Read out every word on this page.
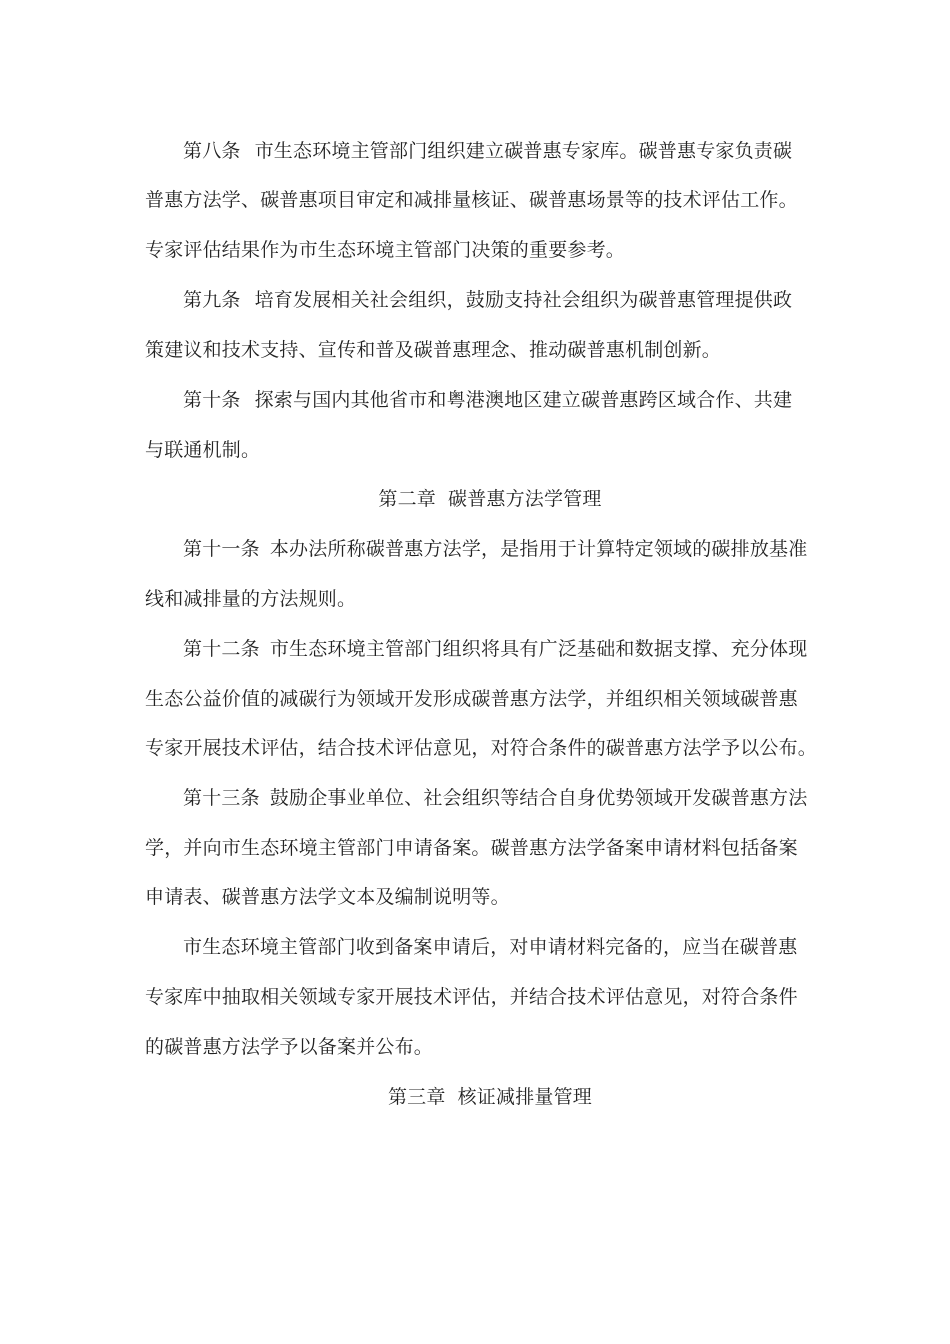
第八条 市生态环境主管部门组织建立碳普惠专家库。碳普惠专家负责碳
普惠方法学、碳普惠项目审定和减排量核证、碳普惠场景等的技术评估工作。
专家评估结果作为市生态环境主管部门决策的重要参考。
第九条 培育发展相关社会组织，鼓励支持社会组织为碳普惠管理提供政
策建议和技术支持、宣传和普及碳普惠理念、推动碳普惠机制创新。
第十条 探索与国内其他省市和粤港澳地区建立碳普惠跨区域合作、共建
与联通机制。
第二章 碳普惠方法学管理
第十一条 本办法所称碳普惠方法学，是指用于计算特定领域的碳排放基准
线和减排量的方法规则。
第十二条 市生态环境主管部门组织将具有广泛基础和数据支撑、充分体现
生态公益价值的减碳行为领域开发形成碳普惠方法学，并组织相关领域碳普惠
专家开展技术评估，结合技术评估意见，对符合条件的碳普惠方法学予以公布。
第十三条 鼓励企事业单位、社会组织等结合自身优势领域开发碳普惠方法
学，并向市生态环境主管部门申请备案。碳普惠方法学备案申请材料包括备案
申请表、碳普惠方法学文本及编制说明等。
市生态环境主管部门收到备案申请后，对申请材料完备的，应当在碳普惠
专家库中抽取相关领域专家开展技术评估，并结合技术评估意见，对符合条件
的碳普惠方法学予以备案并公布。
第三章 核证减排量管理
